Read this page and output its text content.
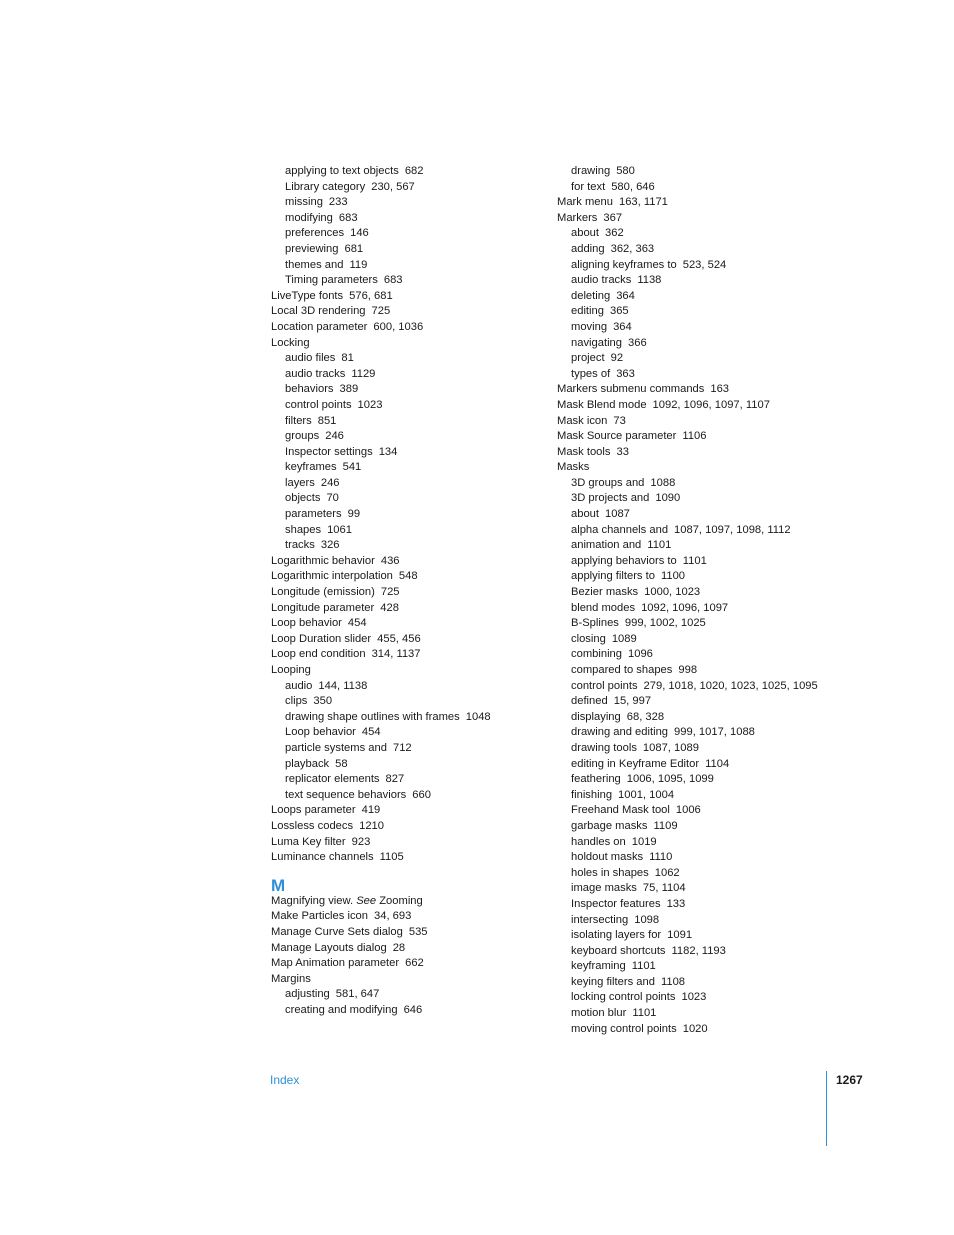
applying to text objects 682
Library category 230, 567
missing 233
modifying 683
preferences 146
previewing 681
themes and 119
Timing parameters 683
LiveType fonts 576, 681
Local 3D rendering 725
Location parameter 600, 1036
Locking
audio files 81
audio tracks 1129
behaviors 389
control points 1023
filters 851
groups 246
Inspector settings 134
keyframes 541
layers 246
objects 70
parameters 99
shapes 1061
tracks 326
Logarithmic behavior 436
Logarithmic interpolation 548
Longitude (emission) 725
Longitude parameter 428
Loop behavior 454
Loop Duration slider 455, 456
Loop end condition 314, 1137
Looping
audio 144, 1138
clips 350
drawing shape outlines with frames 1048
Loop behavior 454
particle systems and 712
playback 58
replicator elements 827
text sequence behaviors 660
Loops parameter 419
Lossless codecs 1210
Luma Key filter 923
Luminance channels 1105
M
Magnifying view. See Zooming
Make Particles icon 34, 693
Manage Curve Sets dialog 535
Manage Layouts dialog 28
Map Animation parameter 662
Margins
adjusting 581, 647
creating and modifying 646
drawing 580
for text 580, 646
Mark menu 163, 1171
Markers 367
about 362
adding 362, 363
aligning keyframes to 523, 524
audio tracks 1138
deleting 364
editing 365
moving 364
navigating 366
project 92
types of 363
Markers submenu commands 163
Mask Blend mode 1092, 1096, 1097, 1107
Mask icon 73
Mask Source parameter 1106
Mask tools 33
Masks
3D groups and 1088
3D projects and 1090
about 1087
alpha channels and 1087, 1097, 1098, 1112
animation and 1101
applying behaviors to 1101
applying filters to 1100
Bezier masks 1000, 1023
blend modes 1092, 1096, 1097
B-Splines 999, 1002, 1025
closing 1089
combining 1096
compared to shapes 998
control points 279, 1018, 1020, 1023, 1025, 1095
defined 15, 997
displaying 68, 328
drawing and editing 999, 1017, 1088
drawing tools 1087, 1089
editing in Keyframe Editor 1104
feathering 1006, 1095, 1099
finishing 1001, 1004
Freehand Mask tool 1006
garbage masks 1109
handles on 1019
holdout masks 1110
holes in shapes 1062
image masks 75, 1104
Inspector features 133
intersecting 1098
isolating layers for 1091
keyboard shortcuts 1182, 1193
keyframing 1101
keying filters and 1108
locking control points 1023
motion blur 1101
moving control points 1020
Index	1267
